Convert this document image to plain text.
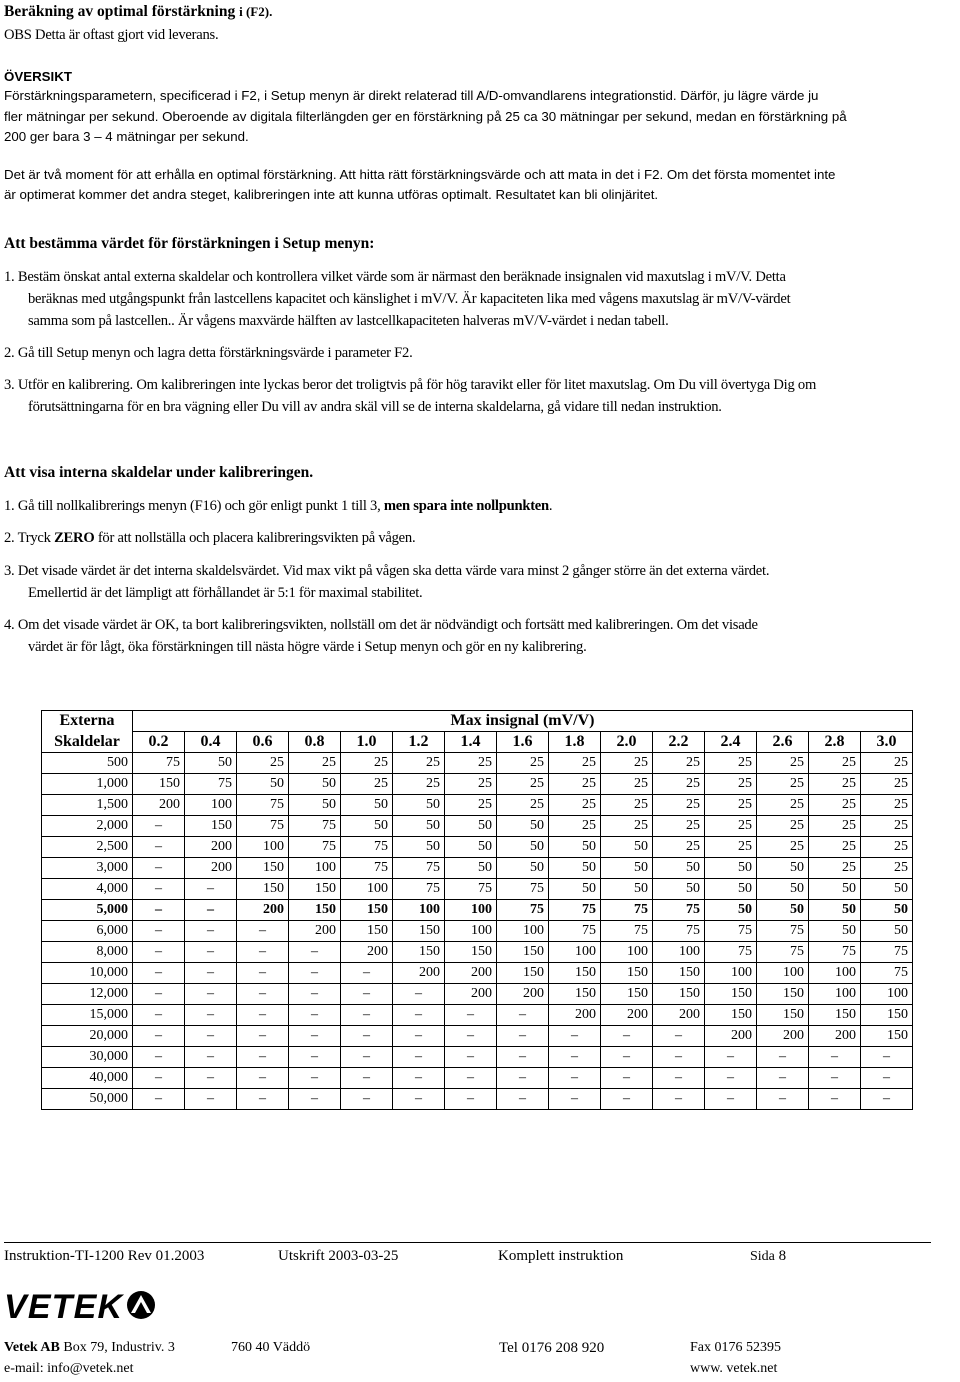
Beräkning av optimal förstärkning i (F2).
OBS Detta är oftast gjort vid leverans.
ÖVERSIKT
Förstärkningsparametern, specificerad i F2, i Setup menyn är direkt relaterad till A/D-omvandlarens integrationstid. Därför, ju lägre värde ju
fler mätningar per sekund. Oberoende av digitala filterlängden ger en förstärkning på 25 ca 30 mätningar per sekund, medan en förstärkning på
200 ger bara 3 – 4 mätningar per sekund.
Det är två moment för att erhålla en optimal förstärkning. Att hitta rätt förstärkningsvärde och att mata in det i F2. Om det första momentet inte
är optimerat kommer det andra steget, kalibreringen inte att kunna utföras optimalt. Resultatet kan bli olinjäritet.
Att bestämma värdet för förstärkningen i Setup menyn:
1. Bestäm önskat antal externa skaldelar och kontrollera vilket värde som är närmast den beräknade insignalen vid maxutslag i mV/V. Detta
beräknas med utgångspunkt från lastcellens kapacitet och känslighet i mV/V. Är kapaciteten lika med vågens maxutslag är mV/V-värdet
samma som på lastcellen.. Är vågens maxvärde hälften av lastcellkapaciteten halveras mV/V-värdet i nedan tabell.
2. Gå till Setup menyn och lagra detta förstärkningsvärde i parameter F2.
3. Utför en kalibrering. Om kalibreringen inte lyckas beror det troligtvis på för hög taravikt eller för litet maxutslag. Om Du vill övertyga Dig om
förutsättningarna för en bra vägning eller Du vill av andra skäl vill se de interna skaldelarna, gå vidare till nedan instruktion.
Att visa interna skaldelar under kalibreringen.
1. Gå till nollkalibrerings menyn (F16) och gör enligt punkt 1 till 3, men spara inte nollpunkten.
2. Tryck ZERO för att nollställa och placera kalibreringsvikten på vågen.
3. Det visade värdet är det interna skaldelsvärdet. Vid max vikt på vågen ska detta värde vara minst 2 gånger större än det externa värdet.
Emellertid är det lämpligt att förhållandet är 5:1 för maximal stabilitet.
4. Om det visade värdet är OK, ta bort kalibreringsvikten, nollställ om det är nödvändigt och fortsätt med kalibreringen. Om det visade
värdet är för lågt, öka förstärkningen till nästa högre värde i Setup menyn och gör en ny kalibrering.
Externa	Max insignal (mV/V)														
Skaldelar	0.2	0.4	0.6	0.8	1.0	1.2	1.4	1.6	1.8	2.0	2.2	2.4	2.6	2.8	3.0
500	75	50	25	25	25	25	25	25	25	25	25	25	25	25	25
1,000	150	75	50	50	25	25	25	25	25	25	25	25	25	25	25
1,500	200	100	75	50	50	50	25	25	25	25	25	25	25	25	25
2,000	–	150	75	75	50	50	50	50	25	25	25	25	25	25	25
2,500	–	200	100	75	75	50	50	50	50	50	25	25	25	25	25
3,000	–	200	150	100	75	75	50	50	50	50	50	50	50	25	25
4,000	–	–	150	150	100	75	75	75	50	50	50	50	50	50	50
5,000	–	–	200	150	150	100	100	75	75	75	75	50	50	50	50
6,000	–	–	–	200	150	150	100	100	75	75	75	75	75	50	50
8,000	–	–	–	–	200	150	150	150	100	100	100	75	75	75	75
10,000	–	–	–	–	–	200	200	150	150	150	150	100	100	100	75
12,000	–	–	–	–	–	–	200	200	150	150	150	150	150	100	100
15,000	–	–	–	–	–	–	–	–	200	200	200	150	150	150	150
20,000	–	–	–	–	–	–	–	–	–	–	–	200	200	200	150
30,000	–	–	–	–	–	–	–	–	–	–	–	–	–	–	–
40,000	–	–	–	–	–	–	–	–	–	–	–	–	–	–	–
50,000	–	–	–	–	–	–	–	–	–	–	–	–	–	–	–
Instruktion-TI-1200 Rev 01.2003	Utskrift 2003-03-25	Komplett instruktion	Sida 8
VETEK
Vetek AB Box 79, Industriv. 3	760 40 Väddö	Tel 0176 208 920	Fax 0176 52395
e-mail: info@vetek.net	www. vetek.net
